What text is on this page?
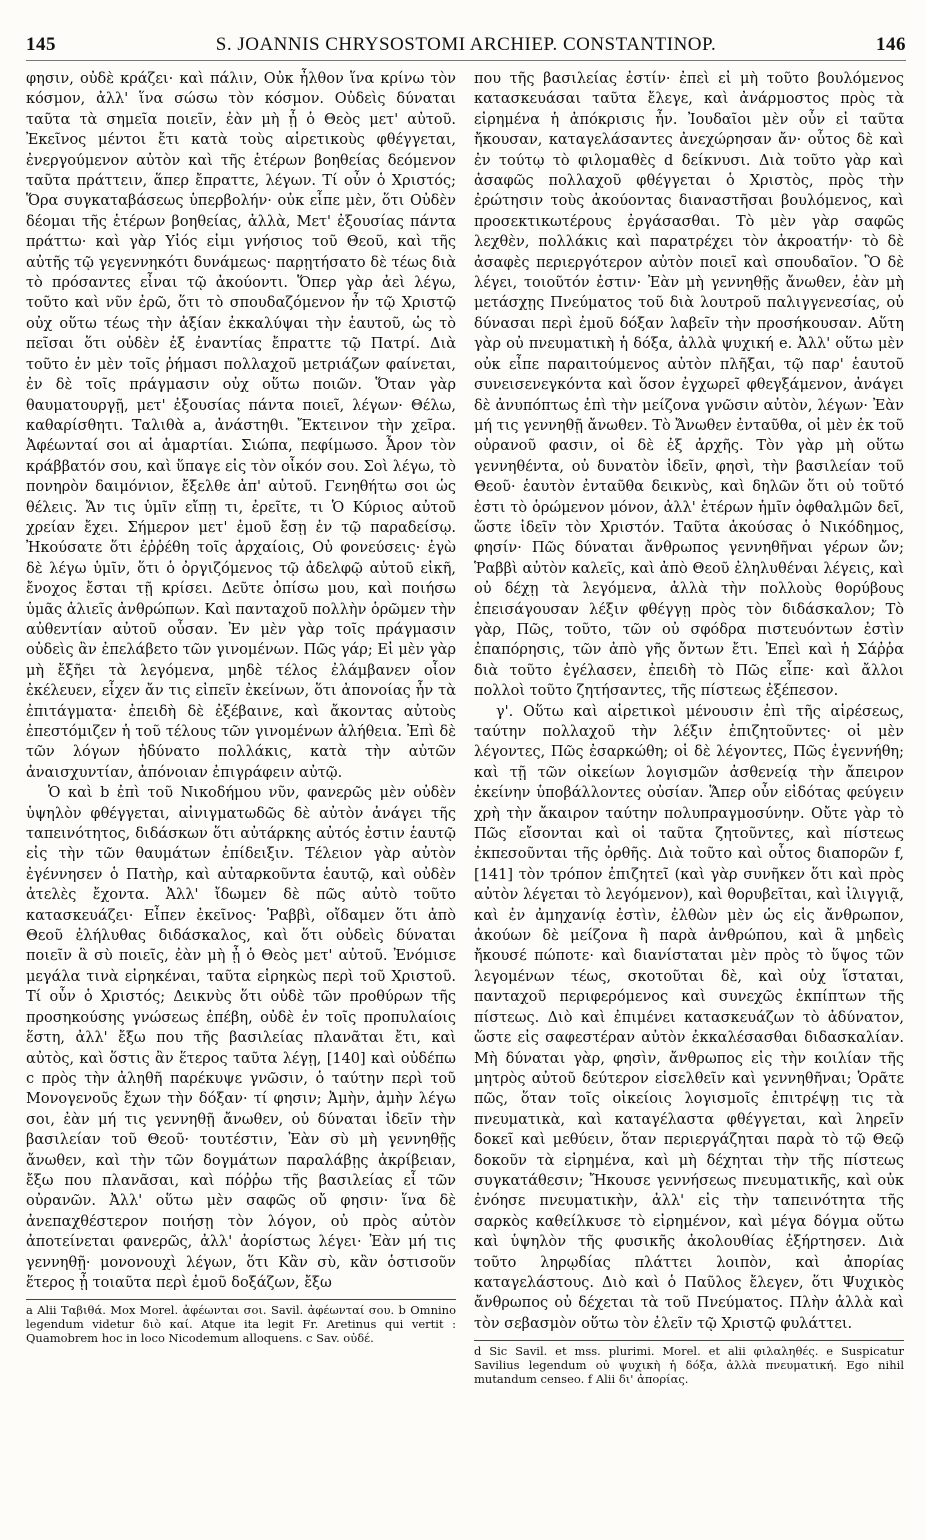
145	S. JOANNIS CHRYSOSTOMI ARCHIEP. CONSTANTINOP.	146

φησιν, οὐδὲ κράζει· καὶ πάλιν, Οὐκ ἦλθον ἵνα κρίνω τὸν κόσμον, ἀλλ' ἵνα σώσω τὸν κόσμον. Οὐδεὶς δύναται ταῦτα τὰ σημεῖα ποιεῖν, ἐὰν μὴ ᾖ ὁ Θεὸς μετ' αὐτοῦ. Ἐκεῖνος μέντοι ἔτι κατὰ τοὺς αἱρετικοὺς φθέγγεται, ἐνεργούμενον αὐτὸν καὶ τῆς ἑτέρων βοηθείας δεόμενον ταῦτα πράττειν, ἅπερ ἔπραττε, λέγων. Τί οὖν ὁ Χριστός; Ὅρα συγκαταβάσεως ὑπερβολήν· οὐκ εἶπε μὲν, ὅτι Οὐδὲν δέομαι τῆς ἑτέρων βοηθείας, ἀλλὰ, Μετ' ἐξουσίας πάντα πράττω· καὶ γὰρ Υἱός εἰμι γνήσιος τοῦ Θεοῦ, καὶ τῆς αὐτῆς τῷ γεγεννηκότι δυνάμεως· παρῃτήσατο δὲ τέως διὰ τὸ πρόσαντες εἶναι τῷ ἀκούοντι. Ὅπερ γὰρ ἀεὶ λέγω, τοῦτο καὶ νῦν ἐρῶ, ὅτι τὸ σπουδαζόμενον ἦν τῷ Χριστῷ οὐχ οὕτω τέως τὴν ἀξίαν ἐκκαλύψαι τὴν ἑαυτοῦ, ὡς τὸ πεῖσαι ὅτι οὐδὲν ἐξ ἐναντίας ἔπραττε τῷ Πατρί. Διὰ τοῦτο ἐν μὲν τοῖς ῥήμασι πολλαχοῦ μετριάζων φαίνεται, ἐν δὲ τοῖς πράγμασιν οὐχ οὕτω ποιῶν. Ὅταν γὰρ θαυματουργῇ, μετ' ἐξουσίας πάντα ποιεῖ, λέγων· Θέλω, καθαρίσθητι. Ταλιθὰ a, ἀνάστηθι. Ἔκτεινον τὴν χεῖρα. Ἀφέωνταί σοι αἱ ἁμαρτίαι. Σιώπα, πεφίμωσο. Ἆρον τὸν κράββατόν σου, καὶ ὕπαγε εἰς τὸν οἶκόν σου. Σοὶ λέγω, τὸ πονηρὸν δαιμόνιον, ἔξελθε ἀπ' αὐτοῦ. Γενηθήτω σοι ὡς θέλεις. Ἄν τις ὑμῖν εἴπῃ τι, ἐρεῖτε, τι Ὁ Κύριος αὐτοῦ χρείαν ἔχει. Σήμερον μετ' ἐμοῦ ἔσῃ ἐν τῷ παραδείσῳ. Ἠκούσατε ὅτι ἐῤῥέθη τοῖς ἀρχαίοις, Οὐ φονεύσεις· ἐγὼ δὲ λέγω ὑμῖν, ὅτι ὁ ὀργιζόμενος τῷ ἀδελφῷ αὐτοῦ εἰκῆ, ἔνοχος ἔσται τῇ κρίσει. Δεῦτε ὀπίσω μου, καὶ ποιήσω ὑμᾶς ἁλιεῖς ἀνθρώπων. Καὶ πανταχοῦ πολλὴν ὁρῶμεν τὴν αὐθεντίαν αὐτοῦ οὖσαν. Ἐν μὲν γὰρ τοῖς πράγμασιν οὐδεὶς ἂν ἐπελάβετο τῶν γινομένων. Πῶς γάρ; Εἰ μὲν γὰρ μὴ ἔξῆει τὰ λεγόμενα, μηδὲ τέλος ἐλάμβανεν οἷον ἐκέλευεν, εἶχεν ἄν τις εἰπεῖν ἐκείνων, ὅτι ἀπονοίας ἦν τὰ ἐπιτάγματα· ἐπειδὴ δὲ ἐξέβαινε, καὶ ἄκοντας αὐτοὺς ἐπεστόμιζεν ἡ τοῦ τέλους τῶν γινομένων ἀλήθεια. Ἐπὶ δὲ τῶν λόγων ἠδύνατο πολλάκις, κατὰ τὴν αὐτῶν ἀναισχυντίαν, ἀπόνοιαν ἐπιγράφειν αὐτῷ.

Ὁ καὶ b ἐπὶ τοῦ Νικοδήμου νῦν, φανερῶς μὲν οὐδὲν ὑψηλὸν φθέγγεται, αἰνιγματωδῶς δὲ αὐτὸν ἀνάγει τῆς ταπεινότητος, διδάσκων ὅτι αὐτάρκης αὐτός ἐστιν ἑαυτῷ εἰς τὴν τῶν θαυμάτων ἐπίδειξιν. Τέλειον γὰρ αὐτὸν ἐγέννησεν ὁ Πατὴρ, καὶ αὐταρκοῦντα ἑαυτῷ, καὶ οὐδὲν ἀτελὲς ἔχοντα. Ἀλλ' ἴδωμεν δὲ πῶς αὐτὸ τοῦτο κατασκευάζει· Εἶπεν ἐκεῖνος· Ῥαββὶ, οἴδαμεν ὅτι ἀπὸ Θεοῦ ἐλήλυθας διδάσκαλος, καὶ ὅτι οὐδεὶς δύναται ποιεῖν ἃ σὺ ποιεῖς, ἐὰν μὴ ᾖ ὁ Θεὸς μετ' αὐτοῦ. Ἐνόμισε μεγάλα τινὰ εἰρηκέναι, ταῦτα εἰρηκὼς περὶ τοῦ Χριστοῦ. Τί οὖν ὁ Χριστός; Δεικνὺς ὅτι οὐδὲ τῶν προθύρων τῆς προσηκούσης γνώσεως ἐπέβη, οὐδὲ ἐν τοῖς προπυλαίοις ἕστη, ἀλλ' ἔξω που τῆς βασιλείας πλανᾶται ἔτι, καὶ αὐτὸς, καὶ ὅστις ἂν ἕτερος ταῦτα λέγῃ, [140] καὶ οὐδέπω c πρὸς τὴν ἀληθῆ παρέκυψε γνῶσιν, ὁ ταύτην περὶ τοῦ Μονογενοῦς ἔχων τὴν δόξαν· τί φησιν; Ἀμὴν, ἀμὴν λέγω σοι, ἐὰν μή τις γεννηθῇ ἄνωθεν, οὐ δύναται ἰδεῖν τὴν βασιλείαν τοῦ Θεοῦ· τουτέστιν, Ἐὰν σὺ μὴ γεννηθῇς ἄνωθεν, καὶ τὴν τῶν δογμάτων παραλάβῃς ἀκρίβειαν, ἔξω που πλανᾶσαι, καὶ πόῤῥω τῆς βασιλείας εἶ τῶν οὐρανῶν. Ἀλλ' οὕτω μὲν σαφῶς οὔ φησιν· ἵνα δὲ ἀνεπαχθέστερον ποιήσῃ τὸν λόγον, οὐ πρὸς αὐτὸν ἀποτείνεται φανερῶς, ἀλλ' ἀορίστως λέγει· Ἐὰν μή τις γεννηθῇ· μονονουχὶ λέγων, ὅτι Κἂν σὺ, κἂν ὁστισοῦν ἕτερος ᾖ τοιαῦτα περὶ ἐμοῦ δοξάζων, ἔξω

a Alii Ταβιθά. Mox Morel. ἀφέωνται σοι. Savil. ἀφέωνταί σου. b Omnino legendum videtur διὸ καί. Atque ita legit Fr. Aretinus qui vertit : Quamobrem hoc in loco Nicodemum alloquens. c Sav. οὐδέ.

που τῆς βασιλείας ἐστίν· ἐπεὶ εἰ μὴ τοῦτο βουλόμενος κατασκευάσαι ταῦτα ἔλεγε, καὶ ἀνάρμοστος πρὸς τὰ εἰρημένα ἡ ἀπόκρισις ἦν. Ἰουδαῖοι μὲν οὖν εἰ ταῦτα ἤκουσαν, καταγελάσαντες ἀνεχώρησαν ἄν· οὗτος δὲ καὶ ἐν τούτῳ τὸ φιλομαθὲς d δείκνυσι. Διὰ τοῦτο γὰρ καὶ ἀσαφῶς πολλαχοῦ φθέγγεται ὁ Χριστὸς, πρὸς τὴν ἐρώτησιν τοὺς ἀκούοντας διαναστῆσαι βουλόμενος, καὶ προσεκτικωτέρους ἐργάσασθαι. Τὸ μὲν γὰρ σαφῶς λεχθὲν, πολλάκις καὶ παρατρέχει τὸν ἀκροατήν· τὸ δὲ ἀσαφὲς περιεργότερον αὐτὸν ποιεῖ καὶ σπουδαῖον. Ὃ δὲ λέγει, τοιοῦτόν ἐστιν· Ἐὰν μὴ γεννηθῇς ἄνωθεν, ἐὰν μὴ μετάσχῃς Πνεύματος τοῦ διὰ λουτροῦ παλιγγενεσίας, οὐ δύνασαι περὶ ἐμοῦ δόξαν λαβεῖν τὴν προσήκουσαν. Αὕτη γὰρ οὐ πνευματικὴ ἡ δόξα, ἀλλὰ ψυχική e. Ἀλλ' οὕτω μὲν οὐκ εἶπε παραιτούμενος αὐτὸν πλῆξαι, τῷ παρ' ἑαυτοῦ συνεισενεγκόντα καὶ ὅσον ἐγχωρεῖ φθεγξάμενον, ἀνάγει δὲ ἀνυπόπτως ἐπὶ τὴν μείζονα γνῶσιν αὐτὸν, λέγων· Ἐὰν μή τις γεννηθῇ ἄνωθεν. Τὸ Ἄνωθεν ἐνταῦθα, οἱ μὲν ἐκ τοῦ οὐρανοῦ φασιν, οἱ δὲ ἐξ ἀρχῆς. Τὸν γὰρ μὴ οὕτω γεννηθέντα, οὐ δυνατὸν ἰδεῖν, φησὶ, τὴν βασιλείαν τοῦ Θεοῦ· ἑαυτὸν ἐνταῦθα δεικνὺς, καὶ δηλῶν ὅτι οὐ τοῦτό ἐστι τὸ ὁρώμενον μόνον, ἀλλ' ἑτέρων ἡμῖν ὀφθαλμῶν δεῖ, ὥστε ἰδεῖν τὸν Χριστόν. Ταῦτα ἀκούσας ὁ Νικόδημος, φησίν· Πῶς δύναται ἄνθρωπος γεννηθῆναι γέρων ὤν; Ῥαββὶ αὐτὸν καλεῖς, καὶ ἀπὸ Θεοῦ ἐληλυθέναι λέγεις, καὶ οὐ δέχῃ τὰ λεγόμενα, ἀλλὰ τὴν πολλοὺς θορύβους ἐπεισάγουσαν λέξιν φθέγγῃ πρὸς τὸν διδάσκαλον; Τὸ γὰρ, Πῶς, τοῦτο, τῶν οὐ σφόδρα πιστευόντων ἐστὶν ἐπαπόρησις, τῶν ἀπὸ γῆς ὄντων ἔτι. Ἐπεὶ καὶ ἡ Σάῤῥα διὰ τοῦτο ἐγέλασεν, ἐπειδὴ τὸ Πῶς εἶπε· καὶ ἄλλοι πολλοὶ τοῦτο ζητήσαντες, τῆς πίστεως ἐξέπεσον.

γ'. Οὕτω καὶ αἱρετικοὶ μένουσιν ἐπὶ τῆς αἱρέσεως, ταύτην πολλαχοῦ τὴν λέξιν ἐπιζητοῦντες· οἱ μὲν λέγοντες, Πῶς ἐσαρκώθη; οἱ δὲ λέγοντες, Πῶς ἐγεννήθη; καὶ τῇ τῶν οἰκείων λογισμῶν ἀσθενείᾳ τὴν ἄπειρον ἐκείνην ὑποβάλλοντες οὐσίαν. Ἅπερ οὖν εἰδότας φεύγειν χρὴ τὴν ἄκαιρον ταύτην πολυπραγμοσύνην. Οὔτε γὰρ τὸ Πῶς εἴσονται καὶ οἱ ταῦτα ζητοῦντες, καὶ πίστεως ἐκπεσοῦνται τῆς ὀρθῆς. Διὰ τοῦτο καὶ οὗτος διαπορῶν f, [141] τὸν τρόπον ἐπιζητεῖ (καὶ γὰρ συνῆκεν ὅτι καὶ πρὸς αὐτὸν λέγεται τὸ λεγόμενον), καὶ θορυβεῖται, καὶ ἰλιγγιᾷ, καὶ ἐν ἀμηχανίᾳ ἐστὶν, ἐλθὼν μὲν ὡς εἰς ἄνθρωπον, ἀκούων δὲ μείζονα ἢ παρὰ ἀνθρώπου, καὶ ἃ μηδεὶς ἤκουσέ πώποτε· καὶ διανίσταται μὲν πρὸς τὸ ὕψος τῶν λεγομένων τέως, σκοτοῦται δὲ, καὶ οὐχ ἵσταται, πανταχοῦ περιφερόμενος καὶ συνεχῶς ἐκπίπτων τῆς πίστεως. Διὸ καὶ ἐπιμένει κατασκευάζων τὸ ἀδύνατον, ὥστε εἰς σαφεστέραν αὐτὸν ἐκκαλέσασθαι διδασκαλίαν. Μὴ δύναται γὰρ, φησὶν, ἄνθρωπος εἰς τὴν κοιλίαν τῆς μητρὸς αὐτοῦ δεύτερον εἰσελθεῖν καὶ γεννηθῆναι; Ὁρᾶτε πῶς, ὅταν τοῖς οἰκείοις λογισμοῖς ἐπιτρέψῃ τις τὰ πνευματικὰ, καὶ καταγέλαστα φθέγγεται, καὶ ληρεῖν δοκεῖ καὶ μεθύειν, ὅταν περιεργάζηται παρὰ τὸ τῷ Θεῷ δοκοῦν τὰ εἰρημένα, καὶ μὴ δέχηται τὴν τῆς πίστεως συγκατάθεσιν; Ἤκουσε γεννήσεως πνευματικῆς, καὶ οὐκ ἐνόησε πνευματικὴν, ἀλλ' εἰς τὴν ταπεινότητα τῆς σαρκὸς καθείλκυσε τὸ εἰρημένον, καὶ μέγα δόγμα οὕτω καὶ ὑψηλὸν τῆς φυσικῆς ἀκολουθίας ἐξήρτησεν. Διὰ τοῦτο ληρῳδίας πλάττει λοιπὸν, καὶ ἀπορίας καταγελάστους. Διὸ καὶ ὁ Παῦλος ἔλεγεν, ὅτι Ψυχικὸς ἄνθρωπος οὐ δέχεται τὰ τοῦ Πνεύματος. Πλὴν ἀλλὰ καὶ τὸν σεβασμὸν οὕτω τὸν ἐλεῖν τῷ Χριστῷ φυλάττει.

d Sic Savil. et mss. plurimi. Morel. et alii φιλαληθές. e Suspicatur Savilius legendum οὐ ψυχικὴ ἡ δόξα, ἀλλὰ πνευματική. Ego nihil mutandum censeo. f Alii δι' ἀπορίας.
